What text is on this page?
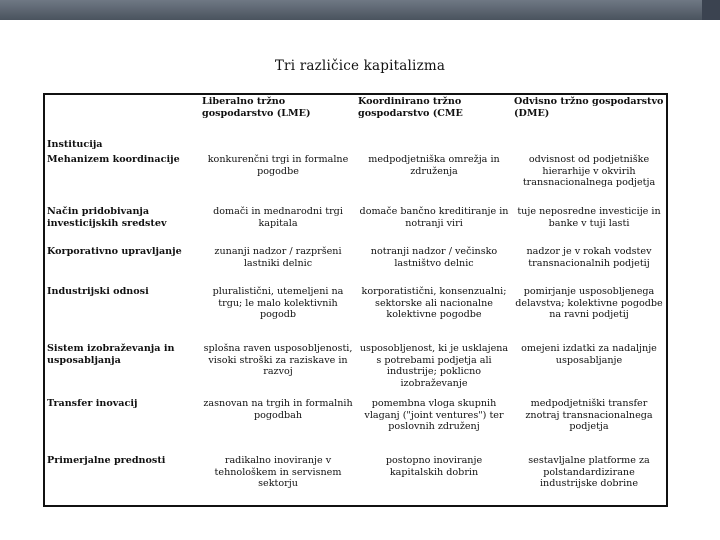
Tri različice kapitalizma
Institucija	Liberalno tržno gospodarstvo (LME)	Koordinirano tržno gospodarstvo (CME	Odvisno tržno gospodarstvo (DME)
Mehanizem koordinacije	konkurenčni trgi in formalne pogodbe	medpodjetniška omrežja in združenja	odvisnost od podjetniške hierarhije v okvirih transnacionalnega podjetja
Način pridobivanja investicijskih sredstev	domači in mednarodni trgi kapitala	domače bančno kreditiranje in notranji viri	tuje neposredne investicije in banke v tuji lasti
Korporativno upravljanje	zunanji nadzor / razpršeni lastniki delnic	notranji nadzor / večinsko lastništvo delnic	nadzor je v rokah vodstev transnacionalnih podjetij
Industrijski odnosi	pluralistični, utemeljeni na trgu; le malo kolektivnih pogodb	korporatistični, konsenzualni; sektorske ali nacionalne kolektivne pogodbe	pomirjanje usposobljenega delavstva; kolektivne pogodbe na ravni podjetij
Sistem izobraževanja in usposabljanja	splošna raven usposobljenosti, visoki stroški za raziskave in razvoj	usposobljenost, ki je usklajena s potrebami podjetja ali industrije; poklicno izobraževanje	omejeni izdatki za nadaljnje usposabljanje
Transfer inovacij	zasnovan na trgih in formalnih pogodbah	pomembna vloga skupnih vlaganj ("joint ventures") ter poslovnih združenj	medpodjetniški transfer znotraj transnacionalnega podjetja
Primerjalne prednosti	radikalno inoviranje v tehnološkem in servisnem sektorju	postopno inoviranje kapitalskih dobrin	sestavljalne platforme za polstandardizirane industrijske dobrine
